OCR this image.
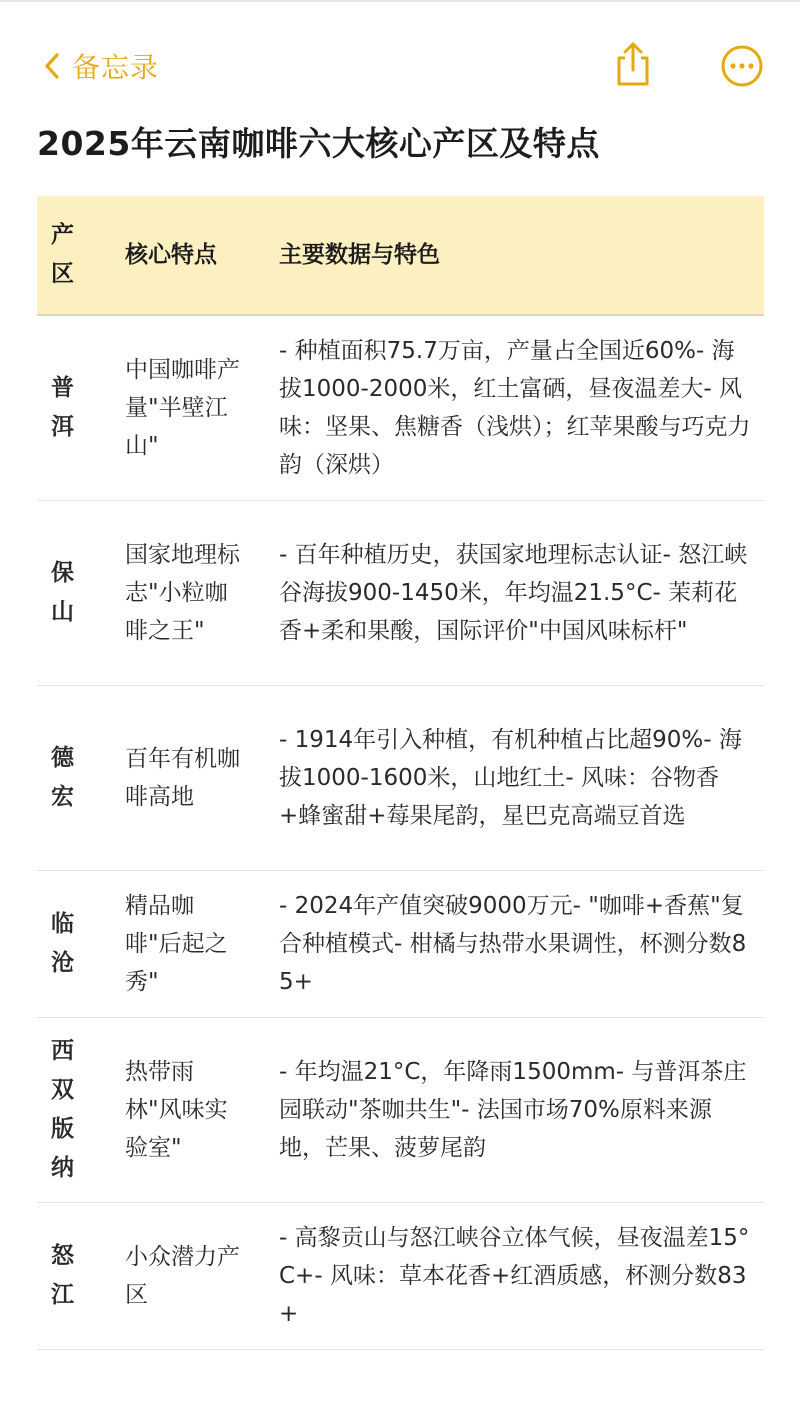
备忘录
2025年云南咖啡六大核心产区及特点
产区
核心特点	主要数据与特色
普洱
中国咖啡产量"半壁江山"
- 种植面积75.7万亩，产量占全国近60%- 海拔1000-2000米，红土富硒，昼夜温差大- 风味：坚果、焦糖香（浅烘）；红苹果酸与巧克力韵（深烘）
保山
国家地理标志"小粒咖啡之王"
- 百年种植历史，获国家地理标志认证- 怒江峡谷海拔900-1450米，年均温21.5°C- 茉莉花香+柔和果酸，国际评价"中国风味标杆"
德宏
百年有机咖啡高地
- 1914年引入种植，有机种植占比超90%- 海拔1000-1600米，山地红土- 风味：谷物香+蜂蜜甜+莓果尾韵，星巴克高端豆首选
临沧
精品咖啡"后起之秀"
- 2024年产值突破9000万元- "咖啡+香蕉"复合种植模式- 柑橘与热带水果调性，杯测分数85+
西双版纳
热带雨林"风味实验室"
- 年均温21°C，年降雨1500mm- 与普洱茶庄园联动"茶咖共生"- 法国市场70%原料来源地，芒果、菠萝尾韵
怒江
小众潜力产区
- 高黎贡山与怒江峡谷立体气候，昼夜温差15°C+- 风味：草本花香+红酒质感，杯测分数83+
